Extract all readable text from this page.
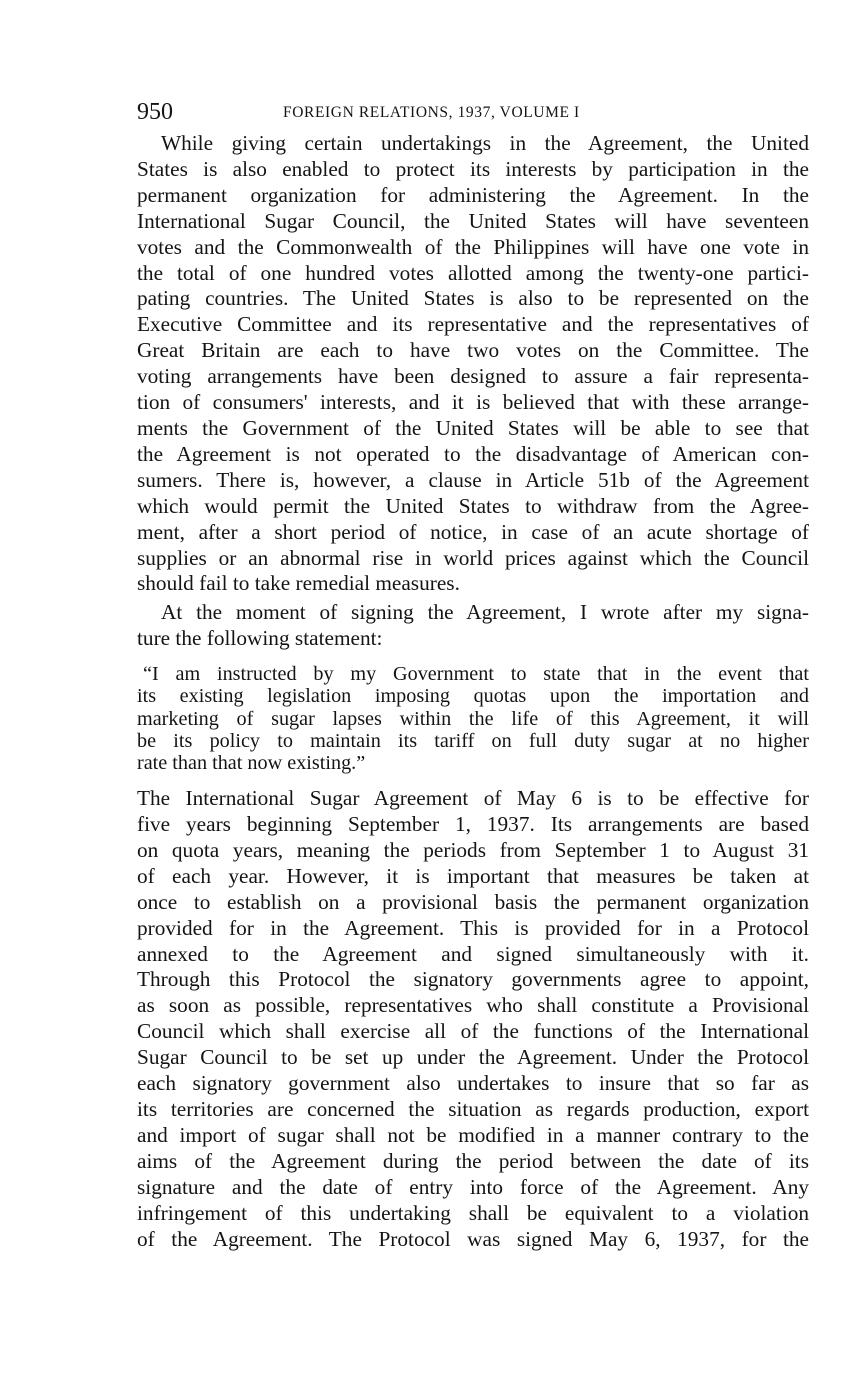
950	FOREIGN RELATIONS, 1937, VOLUME I

While giving certain undertakings in the Agreement, the United
States is also enabled to protect its interests by participation in the
permanent organization for administering the Agreement. In the
International Sugar Council, the United States will have seventeen
votes and the Commonwealth of the Philippines will have one vote in
the total of one hundred votes allotted among the twenty-one partici-
pating countries. The United States is also to be represented on the
Executive Committee and its representative and the representatives of
Great Britain are each to have two votes on the Committee. The
voting arrangements have been designed to assure a fair representa-
tion of consumers' interests, and it is believed that with these arrange-
ments the Government of the United States will be able to see that
the Agreement is not operated to the disadvantage of American con-
sumers. There is, however, a clause in Article 51b of the Agreement
which would permit the United States to withdraw from the Agree-
ment, after a short period of notice, in case of an acute shortage of
supplies or an abnormal rise in world prices against which the Council
should fail to take remedial measures.

At the moment of signing the Agreement, I wrote after my signa-
ture the following statement:

“I am instructed by my Government to state that in the event that
its existing legislation imposing quotas upon the importation and
marketing of sugar lapses within the life of this Agreement, it will
be its policy to maintain its tariff on full duty sugar at no higher
rate than that now existing.”

The International Sugar Agreement of May 6 is to be effective for
five years beginning September 1, 1937. Its arrangements are based
on quota years, meaning the periods from September 1 to August 31
of each year. However, it is important that measures be taken at
once to establish on a provisional basis the permanent organization
provided for in the Agreement. This is provided for in a Protocol
annexed to the Agreement and signed simultaneously with it.
Through this Protocol the signatory governments agree to appoint,
as soon as possible, representatives who shall constitute a Provisional
Council which shall exercise all of the functions of the International
Sugar Council to be set up under the Agreement. Under the Protocol
each signatory government also undertakes to insure that so far as
its territories are concerned the situation as regards production, export
and import of sugar shall not be modified in a manner contrary to the
aims of the Agreement during the period between the date of its
signature and the date of entry into force of the Agreement. Any
infringement of this undertaking shall be equivalent to a violation
of the Agreement. The Protocol was signed May 6, 1937, for the
